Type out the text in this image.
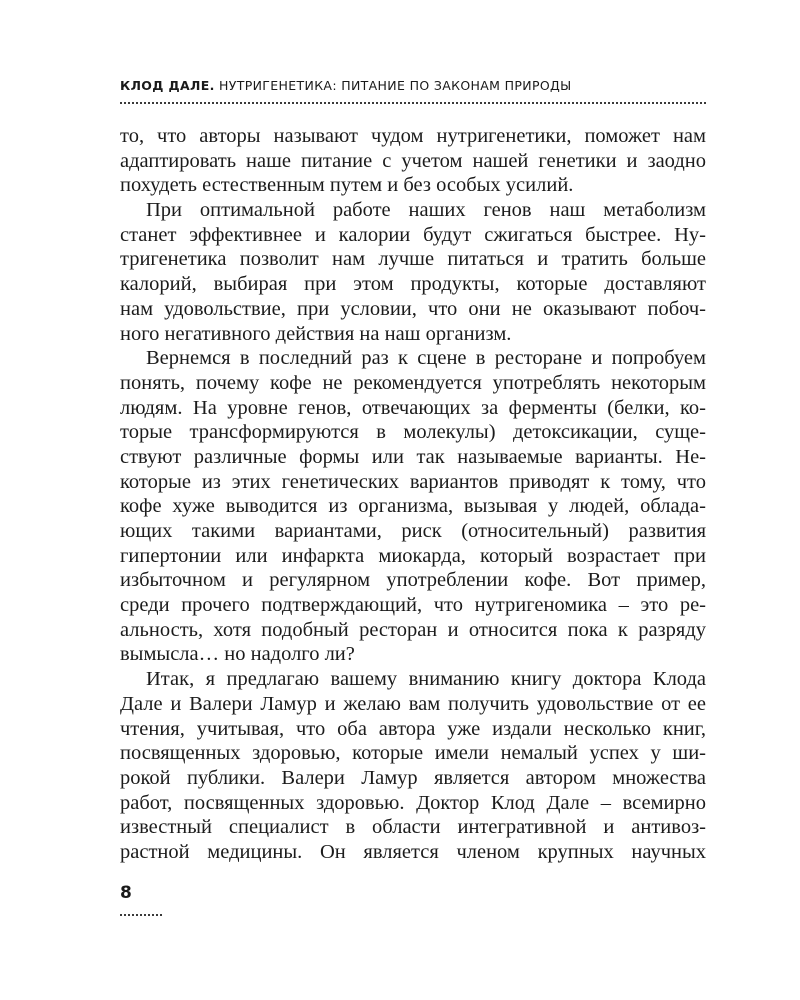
КЛОД ДАЛЕ. НУТРИГЕНЕТИКА: ПИТАНИЕ ПО ЗАКОНАМ ПРИРОДЫ
то, что авторы называют чудом нутригенетики, поможет нам
адаптировать наше питание с учетом нашей генетики и заодно
похудеть естественным путем и без особых усилий.
При оптимальной работе наших генов наш метаболизм
станет эффективнее и калории будут сжигаться быстрее. Ну-
тригенетика позволит нам лучше питаться и тратить больше
калорий, выбирая при этом продукты, которые доставляют
нам удовольствие, при условии, что они не оказывают побоч-
ного негативного действия на наш организм.
Вернемся в последний раз к сцене в ресторане и попробуем
понять, почему кофе не рекомендуется употреблять некоторым
людям. На уровне генов, отвечающих за ферменты (белки, ко-
торые трансформируются в молекулы) детоксикации, суще-
ствуют различные формы или так называемые варианты. Не-
которые из этих генетических вариантов приводят к тому, что
кофе хуже выводится из организма, вызывая у людей, облада-
ющих такими вариантами, риск (относительный) развития
гипертонии или инфаркта миокарда, который возрастает при
избыточном и регулярном употреблении кофе. Вот пример,
среди прочего подтверждающий, что нутригеномика – это ре-
альность, хотя подобный ресторан и относится пока к разряду
вымысла… но надолго ли?
Итак, я предлагаю вашему вниманию книгу доктора Клода
Дале и Валери Ламур и желаю вам получить удовольствие от ее
чтения, учитывая, что оба автора уже издали несколько книг,
посвященных здоровью, которые имели немалый успех у ши-
рокой публики. Валери Ламур является автором множества
работ, посвященных здоровью. Доктор Клод Дале – всемирно
известный специалист в области интегративной и антивоз-
растной медицины. Он является членом крупных научных
8
